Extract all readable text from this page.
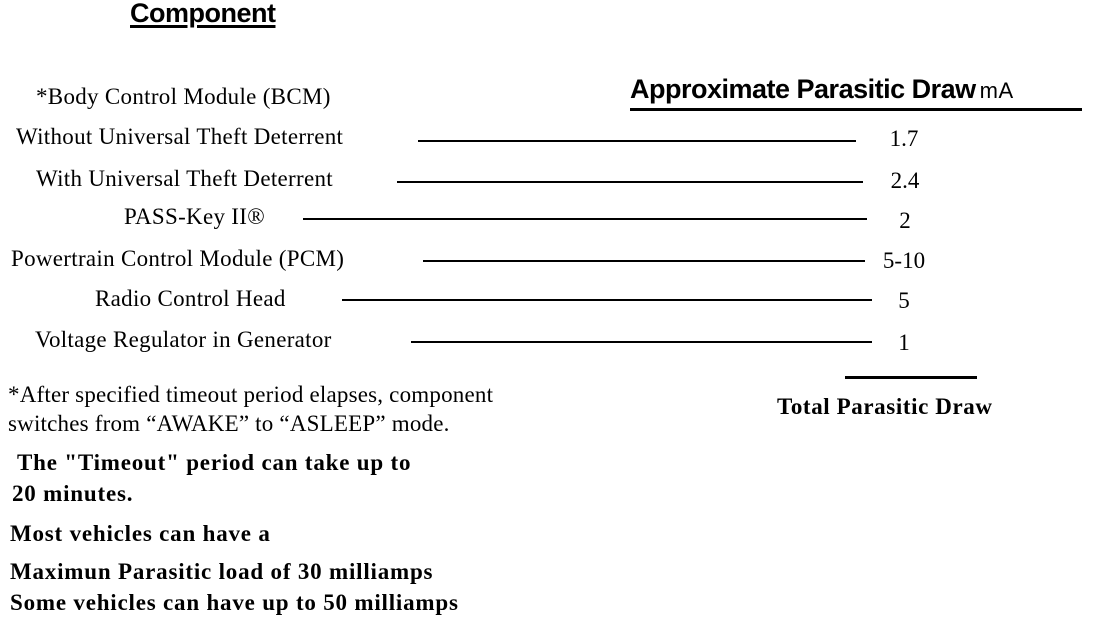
Component
Approximate Parasitic Draw mA
*Body Control Module (BCM)
Without Universal Theft Deterrent	1.7
With Universal Theft Deterrent	2.4
PASS-Key II®	2
Powertrain Control Module (PCM)	5-10
Radio Control Head	5
Voltage Regulator in Generator	1
*After specified timeout period elapses, component
switches from “AWAKE” to “ASLEEP” mode.
Total Parasitic Draw
The "Timeout" period can take up to
20 minutes.
Most vehicles can have a
Maximun Parasitic load of 30 milliamps
Some vehicles can have up to 50 milliamps
